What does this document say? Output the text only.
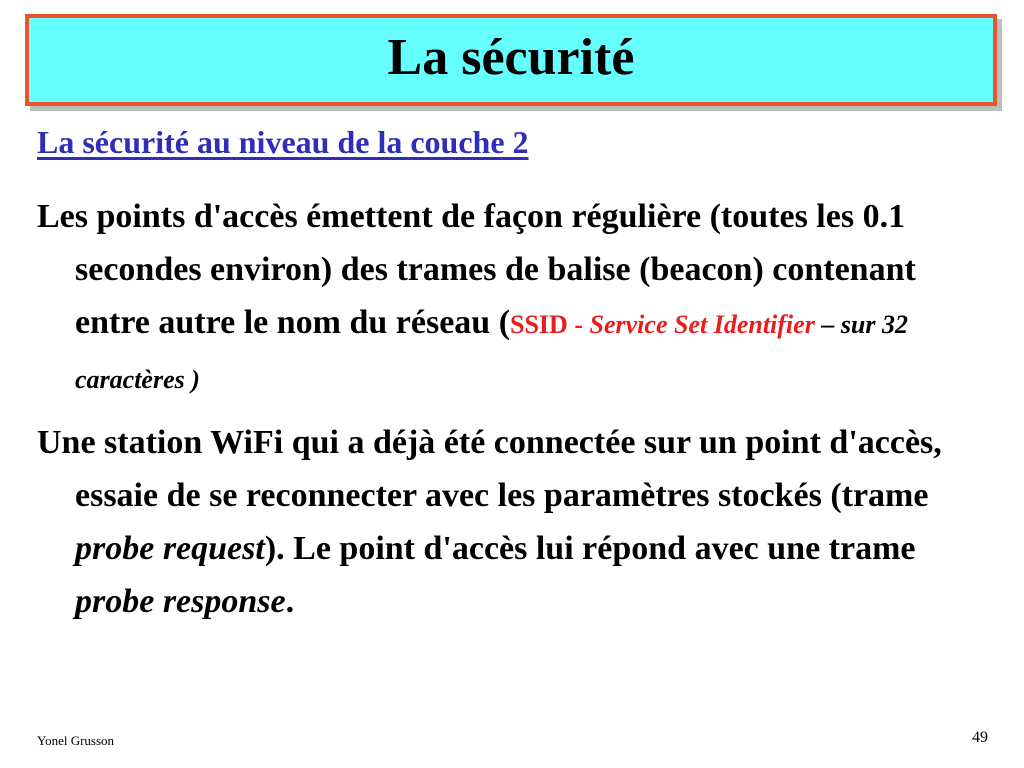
La sécurité
La sécurité au niveau de la couche 2
Les points d'accès émettent de façon régulière (toutes les 0.1 secondes environ) des trames de balise (beacon) contenant entre autre le nom du réseau (SSID - Service Set Identifier – sur 32 caractères )
Une station WiFi qui a déjà été connectée sur un point d'accès, essaie de se reconnecter avec les paramètres stockés (trame probe request). Le point d'accès lui répond avec une trame probe response.
Yonel Grusson	49
